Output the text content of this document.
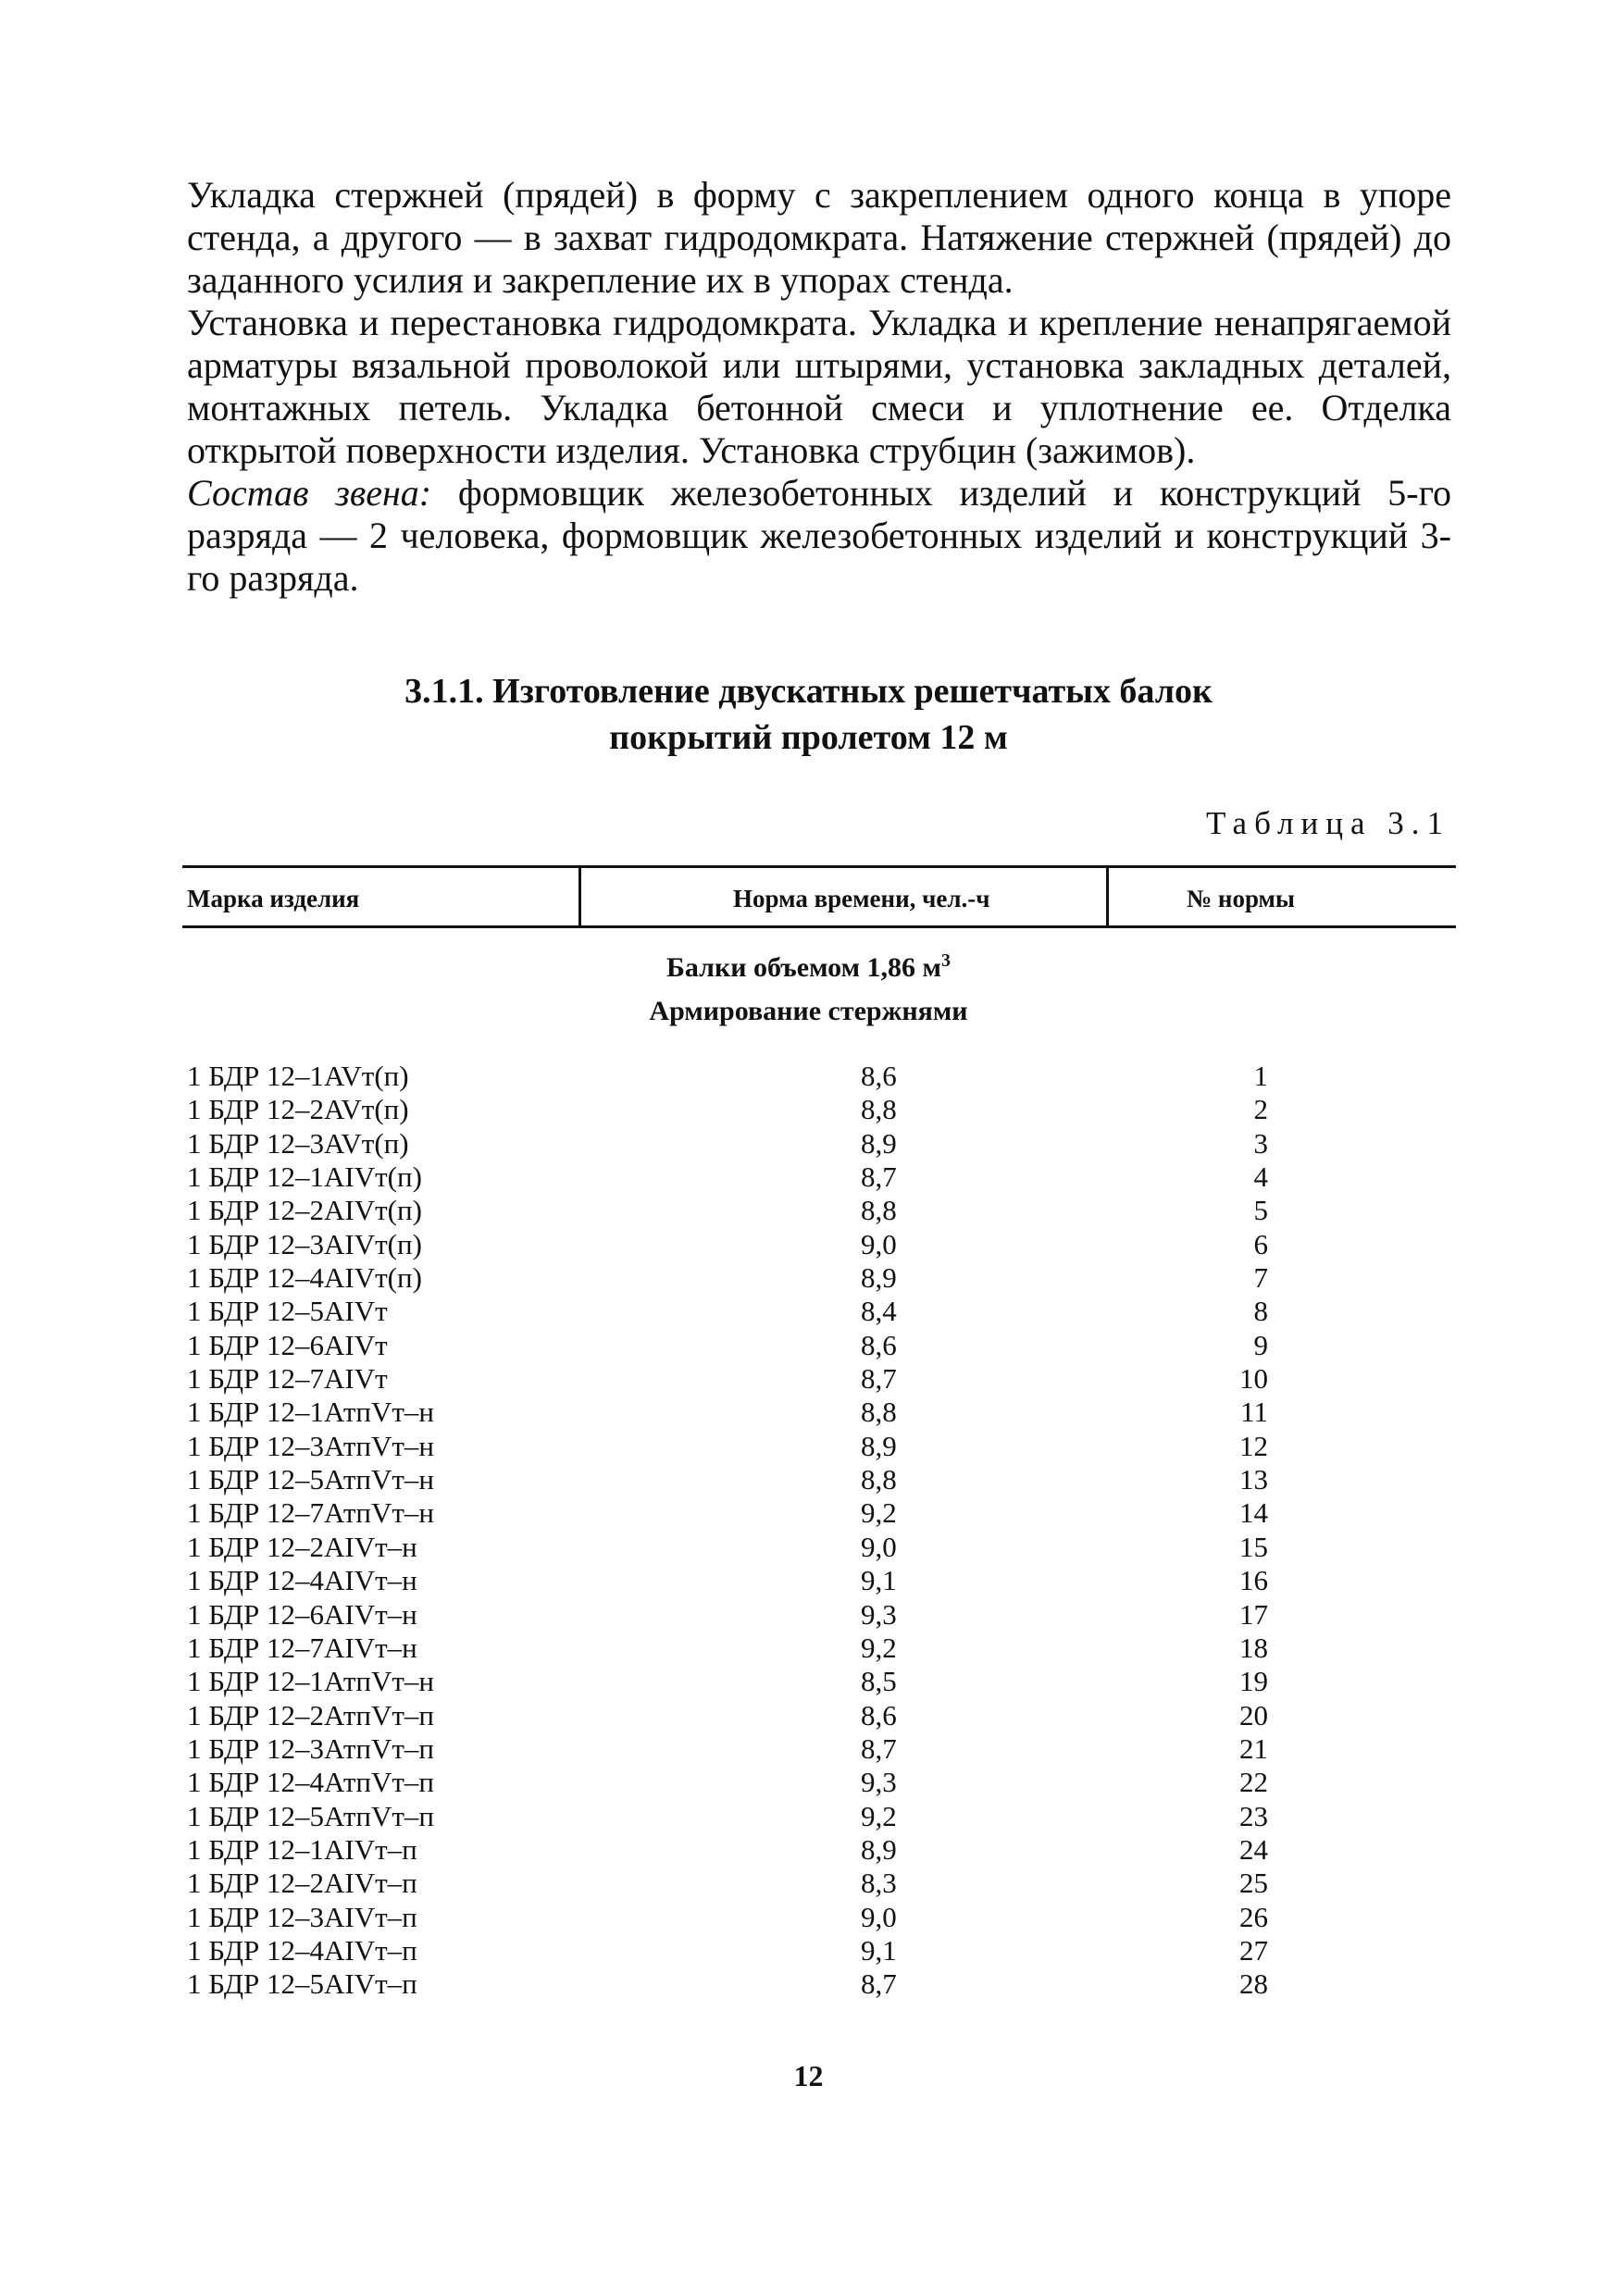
Укладка стержней (прядей) в форму с закреплением одного конца в упоре стенда, а другого — в захват гидродомкрата. Натяжение стержней (прядей) до заданного усилия и закрепление их в упорах стенда.

Установка и перестановка гидродомкрата. Укладка и крепление ненапрягаемой арматуры вязальной проволокой или штырями, установка закладных деталей, монтажных петель. Укладка бетонной смеси и уплотнение ее. Отделка открытой поверхности изделия. Установка струбцин (зажимов).

Состав звена: формовщик железобетонных изделий и конструкций 5-го разряда — 2 человека, формовщик железобетонных изделий и конструкций 3-го разряда.

3.1.1. Изготовление двускатных решетчатых балок
покрытий пролетом 12 м

Таблица 3.1

Марка изделия	Норма времени, чел.-ч	№ нормы
Балки объемом 1,86 $м^3$
Армирование стержнями
1 БДР 12–1AVт(п)	8,6	1
1 БДР 12–2AVт(п)	8,8	2
1 БДР 12–3AVт(п)	8,9	3
1 БДР 12–1AIVт(п)	8,7	4
1 БДР 12–2AIVт(п)	8,8	5
1 БДР 12–3AIVт(п)	9,0	6
1 БДР 12–4AIVт(п)	8,9	7
1 БДР 12–5AIVт	8,4	8
1 БДР 12–6AIVт	8,6	9
1 БДР 12–7AIVт	8,7	10
1 БДР 12–1АтпVт–н	8,8	11
1 БДР 12–3АтпVт–н	8,9	12
1 БДР 12–5АтпVт–н	8,8	13
1 БДР 12–7АтпVт–н	9,2	14
1 БДР 12–2AIVт–н	9,0	15
1 БДР 12–4AIVт–н	9,1	16
1 БДР 12–6AIVт–н	9,3	17
1 БДР 12–7AIVт–н	9,2	18
1 БДР 12–1АтпVт–н	8,5	19
1 БДР 12–2АтпVт–п	8,6	20
1 БДР 12–3АтпVт–п	8,7	21
1 БДР 12–4АтпVт–п	9,3	22
1 БДР 12–5АтпVт–п	9,2	23
1 БДР 12–1AIVт–п	8,9	24
1 БДР 12–2AIVт–п	8,3	25
1 БДР 12–3AIVт–п	9,0	26
1 БДР 12–4AIVт–п	9,1	27
1 БДР 12–5AIVт–п	8,7	28
12
